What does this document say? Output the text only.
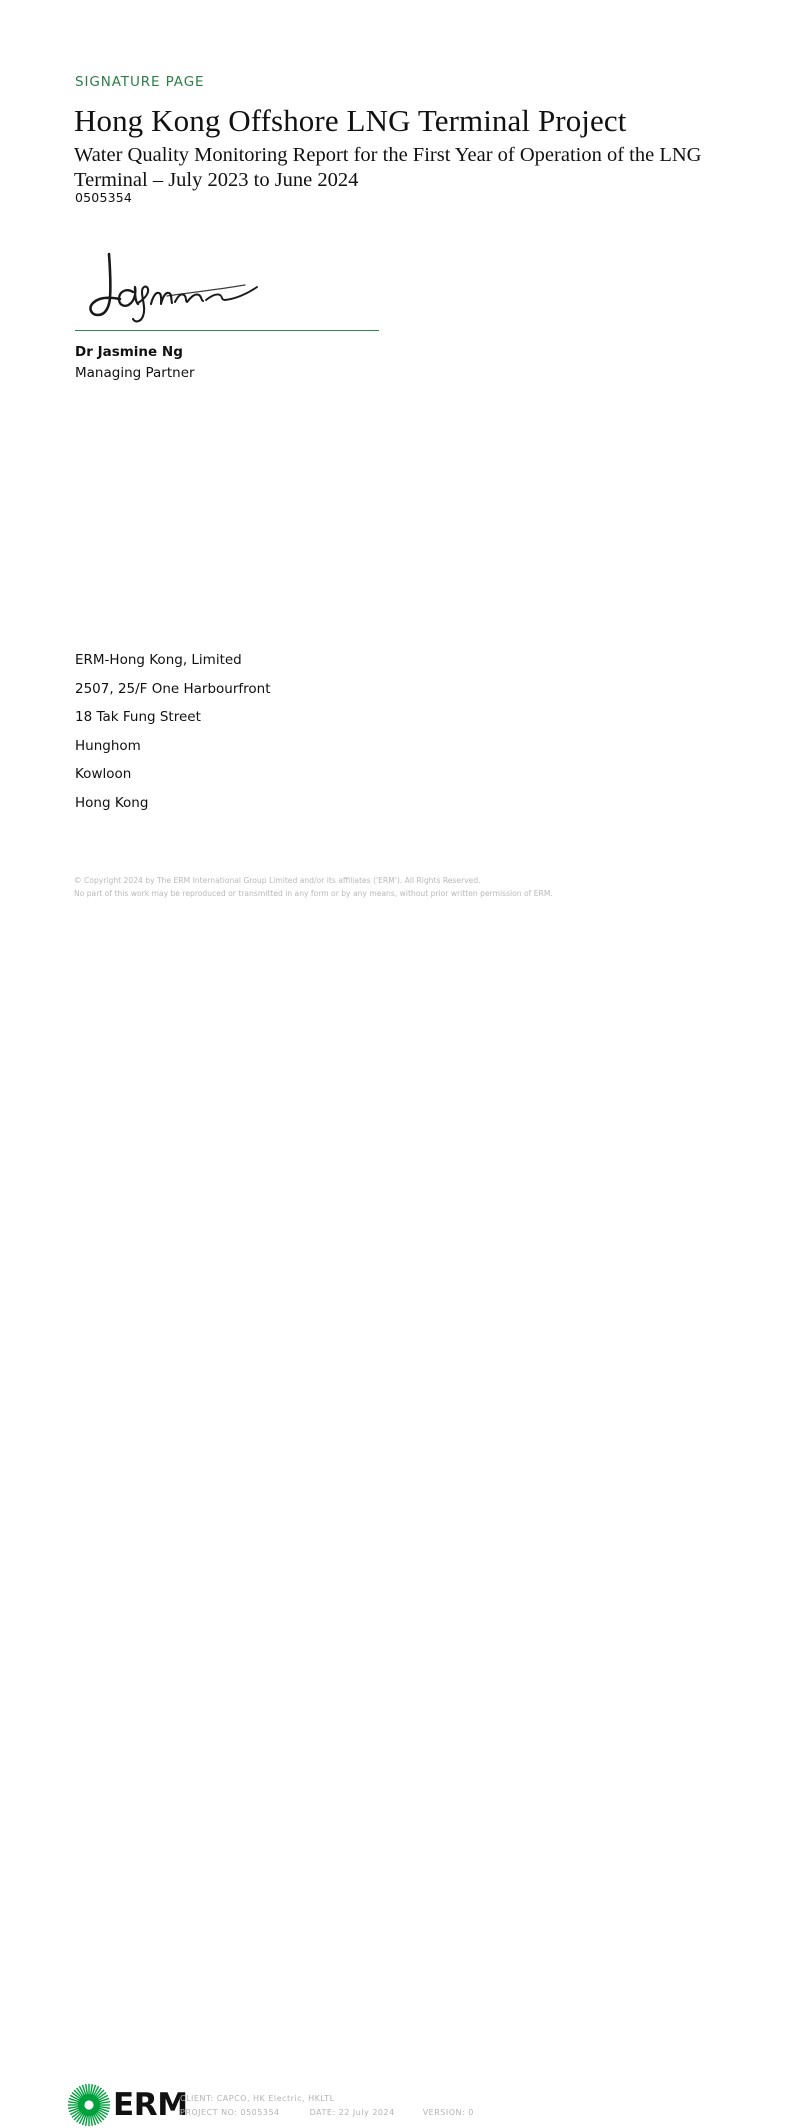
SIGNATURE PAGE
Hong Kong Offshore LNG Terminal Project
Water Quality Monitoring Report for the First Year of Operation of the LNG Terminal – July 2023 to June 2024
0505354
Dr Jasmine Ng
Managing Partner
ERM-Hong Kong, Limited
2507, 25/F One Harbourfront
18 Tak Fung Street
Hunghom
Kowloon
Hong Kong
© Copyright 2024 by The ERM International Group Limited and/or its affiliates ('ERM'). All Rights Reserved.
No part of this work may be reproduced or transmitted in any form or by any means, without prior written permission of ERM.
ERM
CLIENT: CAPCO, HK Electric, HKLTL
PROJECT NO: 0505354	DATE: 22 July 2024	VERSION: 0
